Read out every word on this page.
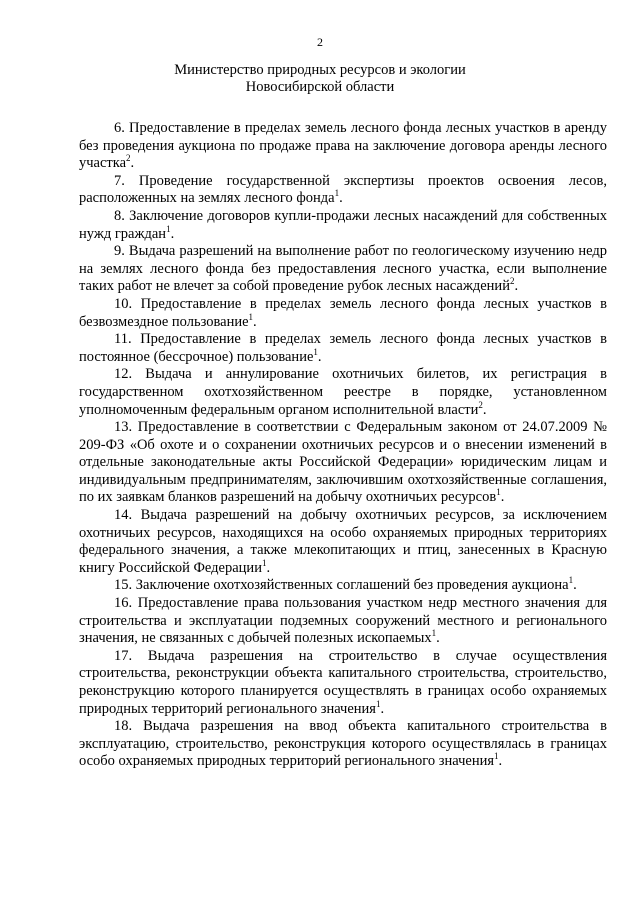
2
Министерство природных ресурсов и экологии
Новосибирской области

6. Предоставление в пределах земель лесного фонда лесных участков в аренду без проведения аукциона по продаже права на заключение договора аренды лесного участка$^2$.

7. Проведение государственной экспертизы проектов освоения лесов, расположенных на землях лесного фонда$^1$.

8. Заключение договоров купли-продажи лесных насаждений для собственных нужд граждан$^1$.

9. Выдача разрешений на выполнение работ по геологическому изучению недр на землях лесного фонда без предоставления лесного участка, если выполнение таких работ не влечет за собой проведение рубок лесных насаждений$^2$.

10. Предоставление в пределах земель лесного фонда лесных участков в безвозмездное пользование$^1$.

11. Предоставление в пределах земель лесного фонда лесных участков в постоянное (бессрочное) пользование$^1$.

12. Выдача и аннулирование охотничьих билетов, их регистрация в государственном охотхозяйственном реестре в порядке, установленном уполномоченным федеральным органом исполнительной власти$^2$.

13. Предоставление в соответствии с Федеральным законом от 24.07.2009 № 209-ФЗ «Об охоте и о сохранении охотничьих ресурсов и о внесении изменений в отдельные законодательные акты Российской Федерации» юридическим лицам и индивидуальным предпринимателям, заключившим охотхозяйственные соглашения, по их заявкам бланков разрешений на добычу охотничьих ресурсов$^1$.

14. Выдача разрешений на добычу охотничьих ресурсов, за исключением охотничьих ресурсов, находящихся на особо охраняемых природных территориях федерального значения, а также млекопитающих и птиц, занесенных в Красную книгу Российской Федерации$^1$.

15. Заключение охотхозяйственных соглашений без проведения аукциона$^1$.

16. Предоставление права пользования участком недр местного значения для строительства и эксплуатации подземных сооружений местного и регионального значения, не связанных с добычей полезных ископаемых$^1$.

17. Выдача разрешения на строительство в случае осуществления строительства, реконструкции объекта капитального строительства, строительство, реконструкцию которого планируется осуществлять в границах особо охраняемых природных территорий регионального значения$^1$.

18. Выдача разрешения на ввод объекта капитального строительства в эксплуатацию, строительство, реконструкция которого осуществлялась в границах особо охраняемых природных территорий регионального значения$^1$.
